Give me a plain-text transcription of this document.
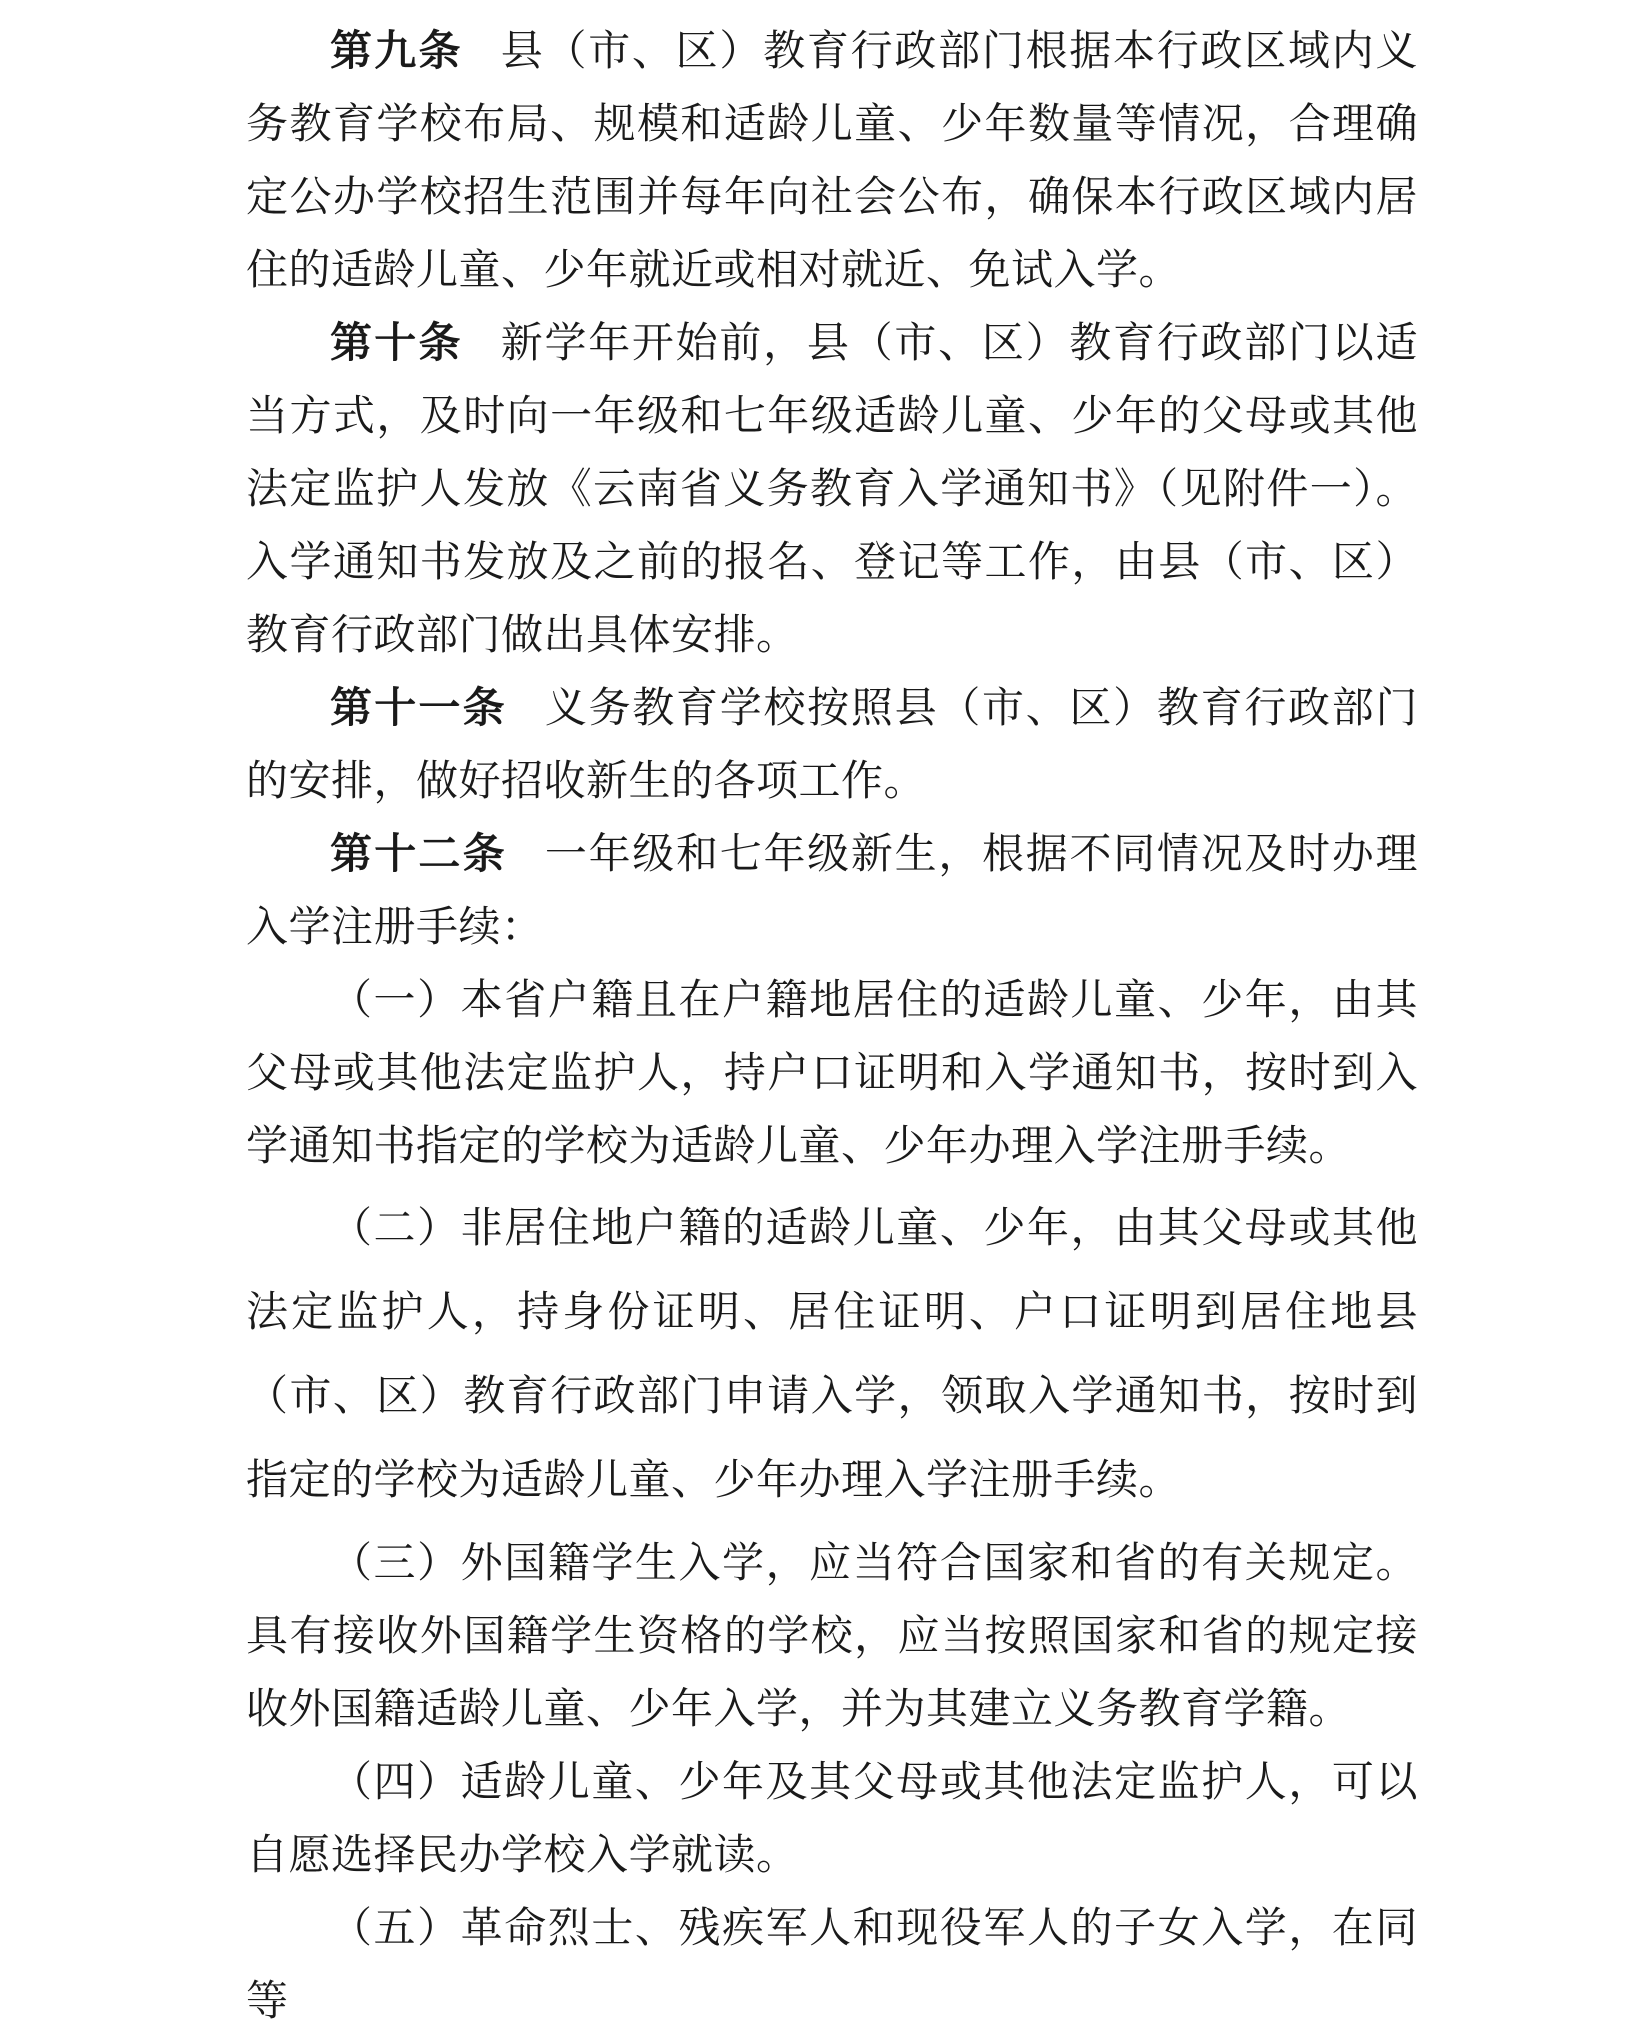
第九条 县（市、区）教育行政部门根据本行政区域内义务教育学校布局、规模和适龄儿童、少年数量等情况，合理确定公办学校招生范围并每年向社会公布，确保本行政区域内居住的适龄儿童、少年就近或相对就近、免试入学。

第十条 新学年开始前，县（市、区）教育行政部门以适当方式，及时向一年级和七年级适龄儿童、少年的父母或其他法定监护人发放《云南省义务教育入学通知书》（见附件一）。入学通知书发放及之前的报名、登记等工作，由县（市、区）教育行政部门做出具体安排。

第十一条 义务教育学校按照县（市、区）教育行政部门的安排，做好招收新生的各项工作。

第十二条 一年级和七年级新生，根据不同情况及时办理入学注册手续：

（一）本省户籍且在户籍地居住的适龄儿童、少年，由其父母或其他法定监护人，持户口证明和入学通知书，按时到入学通知书指定的学校为适龄儿童、少年办理入学注册手续。

（二）非居住地户籍的适龄儿童、少年，由其父母或其他法定监护人，持身份证明、居住证明、户口证明到居住地县（市、区）教育行政部门申请入学，领取入学通知书，按时到指定的学校为适龄儿童、少年办理入学注册手续。

（三）外国籍学生入学，应当符合国家和省的有关规定。具有接收外国籍学生资格的学校，应当按照国家和省的规定接收外国籍适龄儿童、少年入学，并为其建立义务教育学籍。

（四）适龄儿童、少年及其父母或其他法定监护人，可以自愿选择民办学校入学就读。

（五）革命烈士、残疾军人和现役军人的子女入学，在同等
